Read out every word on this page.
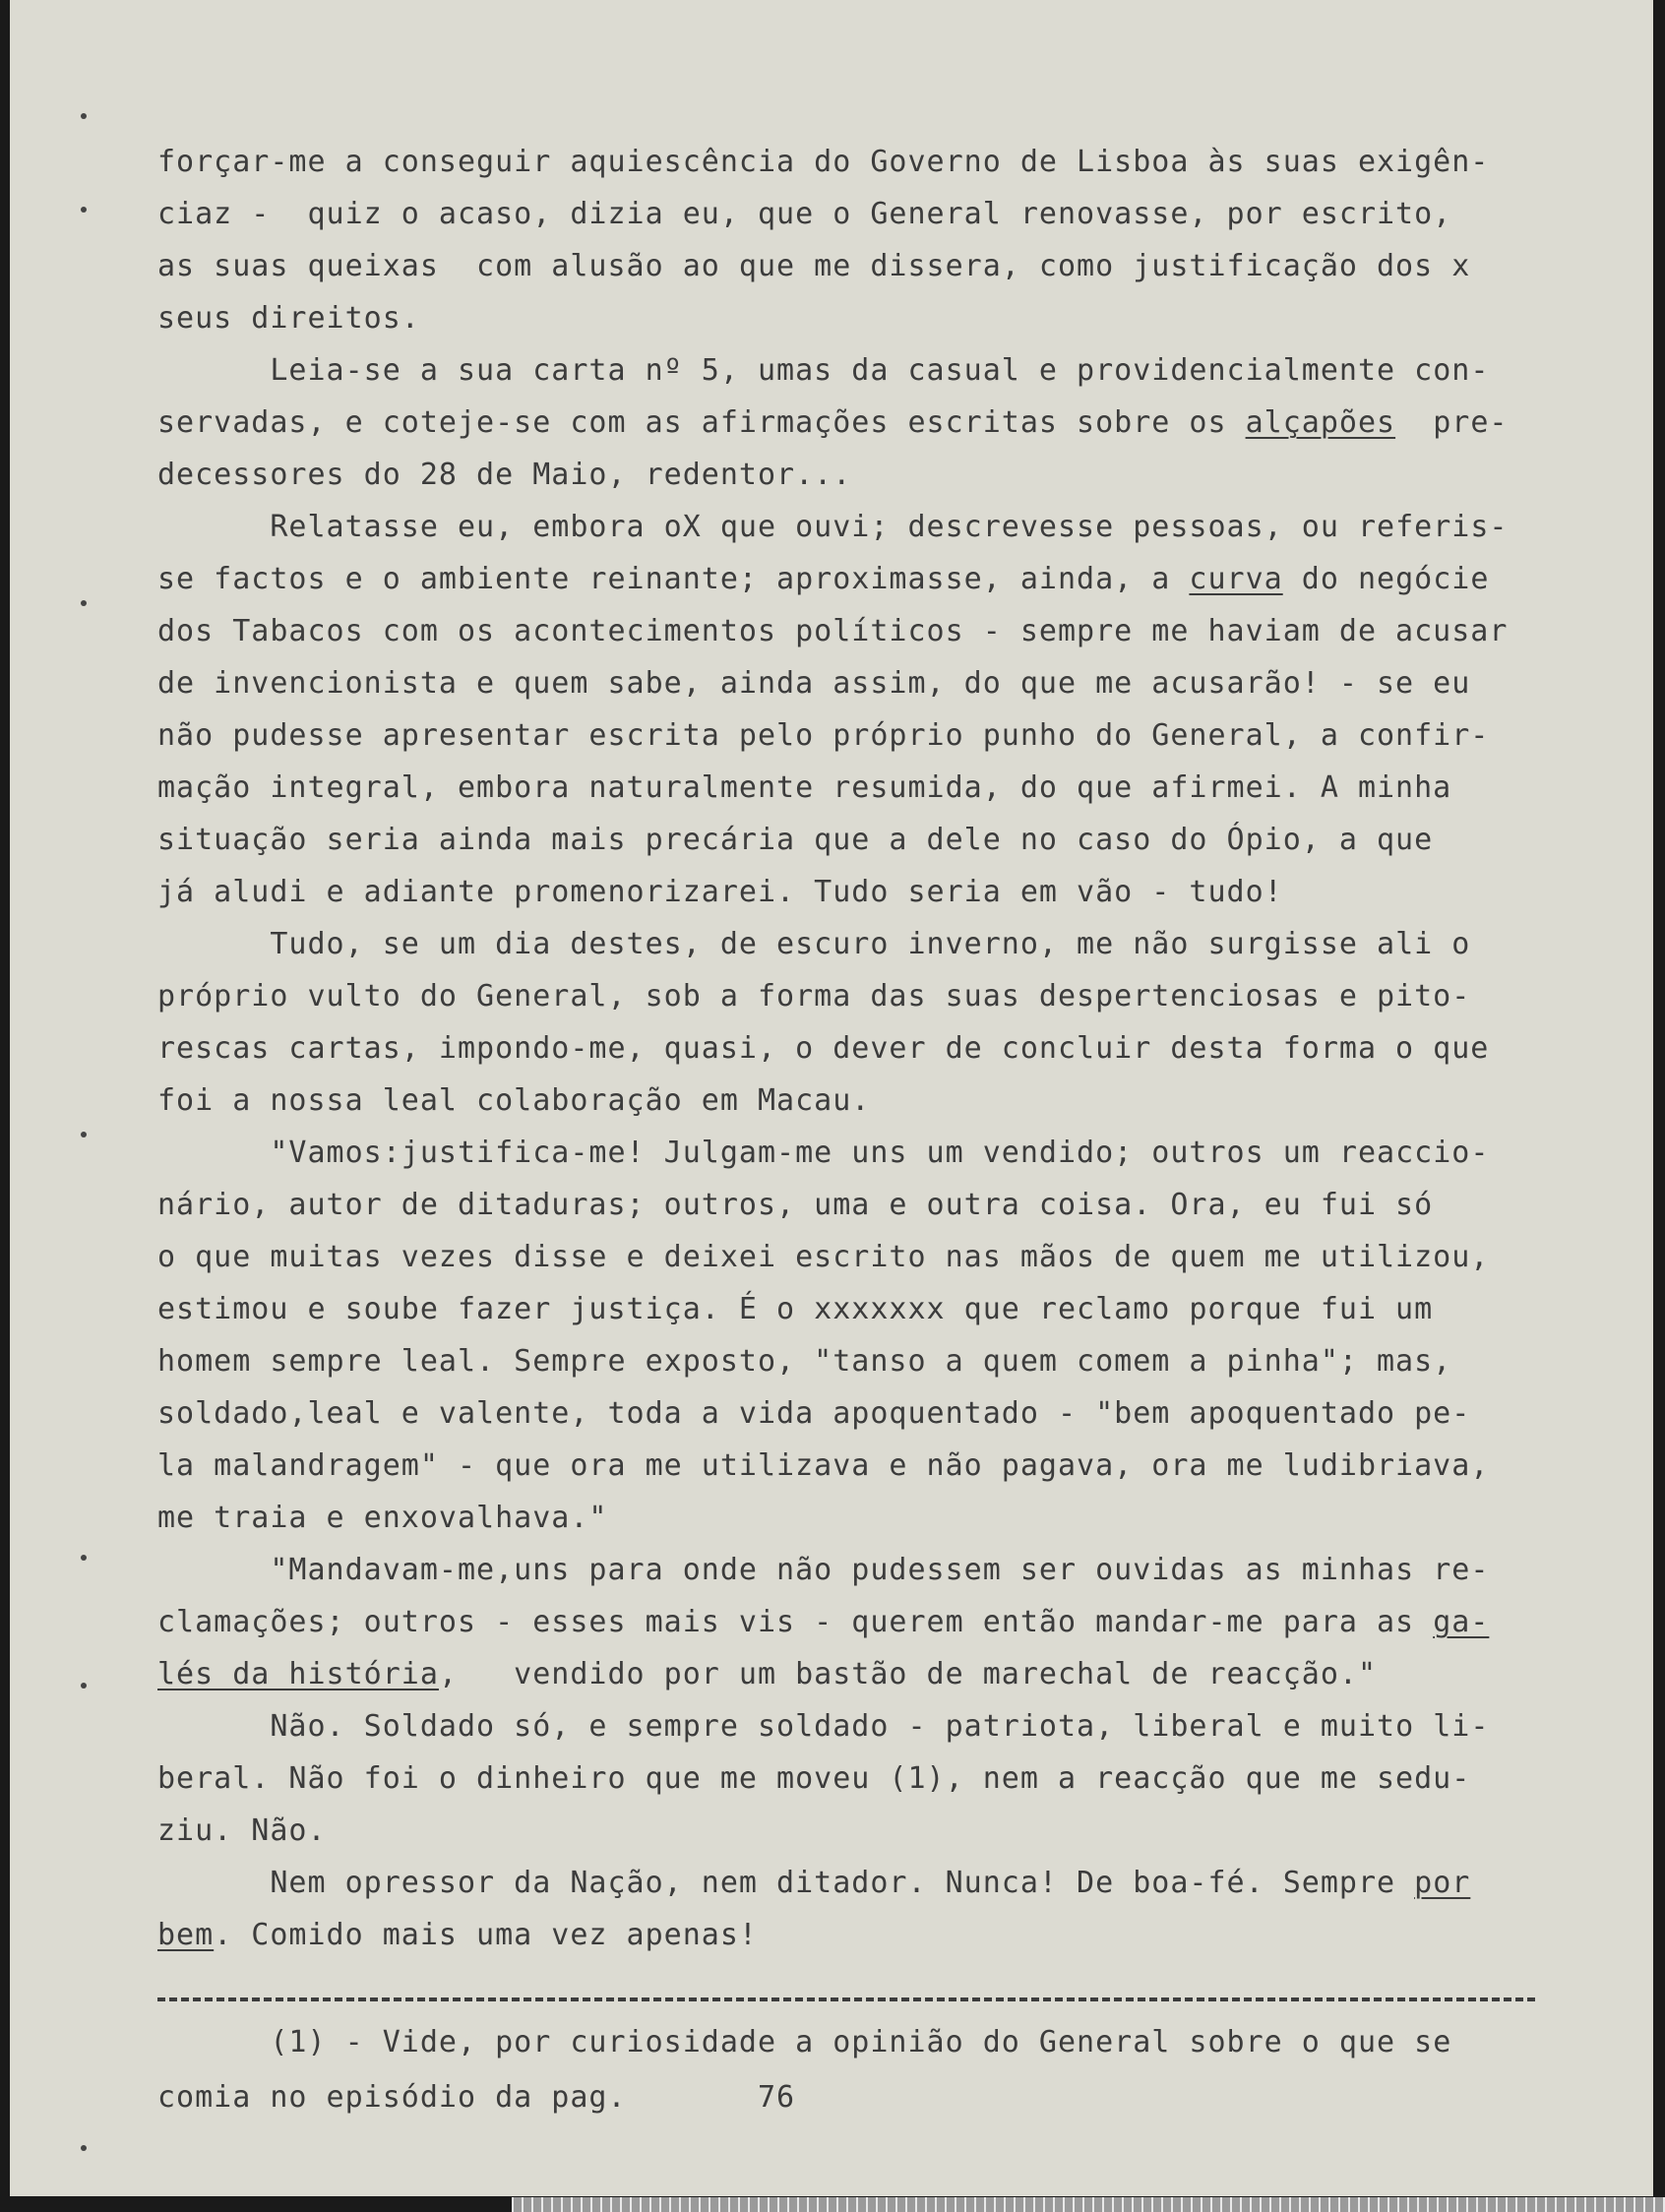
forçar-me a conseguir aquiescência do Governo de Lisboa às suas exigên-

ciaz -  quiz o acaso, dizia eu, que o General renovasse, por escrito,

as suas queixas  com alusão ao que me dissera, como justificação dos x

seus direitos.

Leia-se a sua carta nº 5, umas da casual e providencialmente con-

servadas, e coteje-se com as afirmações escritas sobre os alçapões  pre-

decessores do 28 de Maio, redentor...

Relatasse eu, embora oX que ouvi; descrevesse pessoas, ou referis-

se factos e o ambiente reinante; aproximasse, ainda, a curva do negócie

dos Tabacos com os acontecimentos políticos - sempre me haviam de acusar

de invencionista e quem sabe, ainda assim, do que me acusarão! - se eu

não pudesse apresentar escrita pelo próprio punho do General, a confir-

mação integral, embora naturalmente resumida, do que afirmei. A minha

situação seria ainda mais precária que a dele no caso do Ópio, a que

já aludi e adiante promenorizarei. Tudo seria em vão - tudo!

Tudo, se um dia destes, de escuro inverno, me não surgisse ali o

próprio vulto do General, sob a forma das suas despertenciosas e pito-

rescas cartas, impondo-me, quasi, o dever de concluir desta forma o que

foi a nossa leal colaboração em Macau.

"Vamos:justifica-me! Julgam-me uns um vendido; outros um reaccio-

nário, autor de ditaduras; outros, uma e outra coisa. Ora, eu fui só

o que muitas vezes disse e deixei escrito nas mãos de quem me utilizou,

estimou e soube fazer justiça. É o xxxxxxx que reclamo porque fui um

homem sempre leal. Sempre exposto, "tanso a quem comem a pinha"; mas,

soldado,leal e valente, toda a vida apoquentado - "bem apoquentado pe-

la malandragem" - que ora me utilizava e não pagava, ora me ludibriava,

me traia e enxovalhava."

"Mandavam-me,uns para onde não pudessem ser ouvidas as minhas re-

clamações; outros - esses mais vis - querem então mandar-me para as ga-

lés da história,   vendido por um bastão de marechal de reacção."

Não. Soldado só, e sempre soldado - patriota, liberal e muito li-

beral. Não foi o dinheiro que me moveu (1), nem a reacção que me sedu-

ziu. Não.

Nem opressor da Nação, nem ditador. Nunca! De boa-fé. Sempre por

bem. Comido mais uma vez apenas!

(1) - Vide, por curiosidade a opinião do General sobre o que se

comia no episódio da pag.       76
